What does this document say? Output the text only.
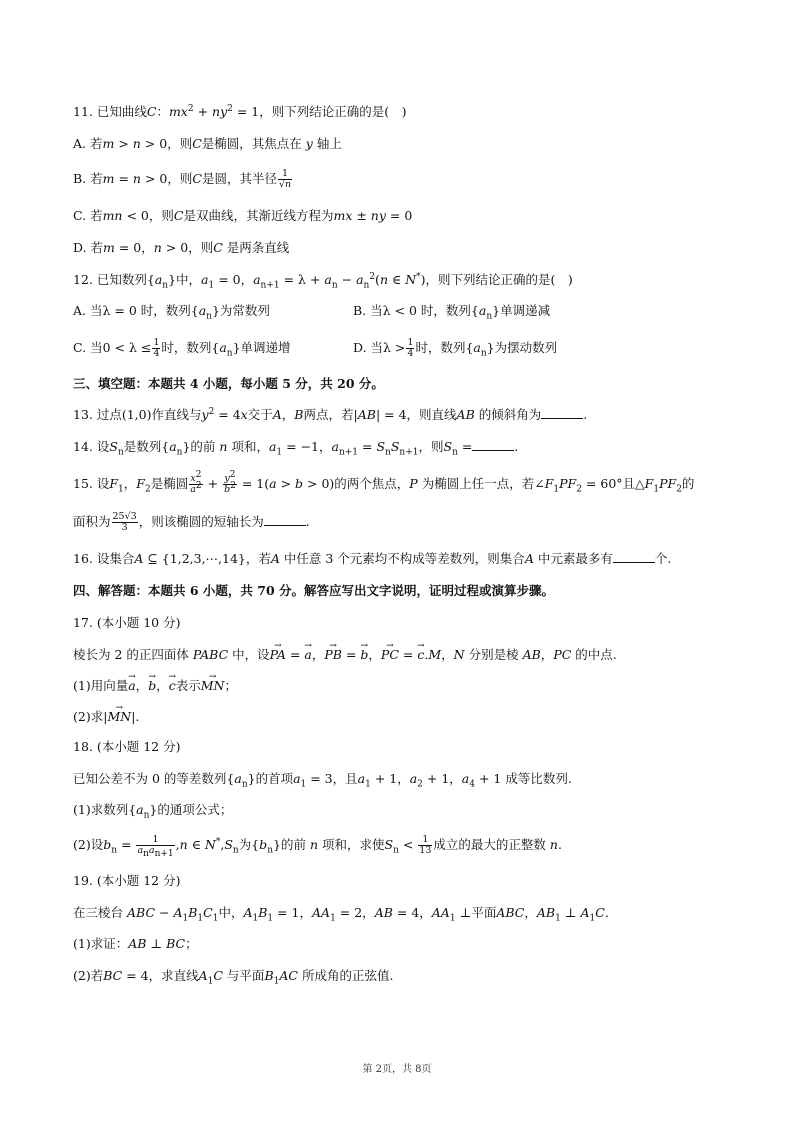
11. 已知曲线C：$mx^2 + ny^2 = 1$，则下列结论正确的是(　)
A. 若m > n > 0，则C是椭圆，其焦点在 y 轴上
B. 若m = n > 0，则C是圆，其半径 $\frac{1}{√n}$
C. 若mn < 0，则C是双曲线，其渐近线方程为mx ± ny = 0
D. 若m = 0，n > 0，则C 是两条直线
12. 已知数列$\{a_n\}$中，$a_1 = 0$，$a_{n+1} = \lambda + a_n - a_n^2(n$ ∈ N*)，则下列结论正确的是(　)
A. 当λ = 0 时，数列$\{a_n\}$为常数列	B. 当λ < 0 时，数列$\{a_n\}$单调递减
C. 当$0 < \lambda \le \frac{1}{4}$ 时，数列$\{a_n\}$单调递增	D. 当$\lambda > \frac{1}{4}$ 时，数列$\{a_n\}$为摆动数列
三、填空题：本题共 4 小题，每小题 5 分，共 20 分。
13. 过点(1,0)作直线与$y^2 = 4x$交于A，B两点，若|AB| = 4，则直线AB 的倾斜角为	.
14. 设$S_n$是数列$\{a_n\}$的前 n 项和，$a_1 = -1$，$a_{n+1} = S_nS_{n+1}$，则$S_n$ =	.
15. 设$F_1$，$F_2$是椭圆 $\frac{x^2}{a^2} + \frac{y^2}{b^2} = 1(a > b > 0)$的两个焦点，P 为椭圆上任一点，若$\angle F_1PF_2 = 60^\circ$且$\triangle F_1PF_2$的
面积为 $\frac{25√3}{3}$ ，则该椭圆的短轴长为	.
16. 设集合A ⊆ {1,2,3,⋯,14}，若A 中任意 3 个元素均不构成等差数列，则集合A 中元素最多有	个.
四、解答题：本题共 6 小题，共 70 分。解答应写出文字说明，证明过程或演算步骤。
17. (本小题 10 分)
棱长为 2 的正四面体 PABC 中，设→ PA = → a，→ PB = → b，→ PC = → c.M，N 分别是棱 AB，PC 的中点.
(1)用向量→ a，→ b，→ c表示→ MN；
(2)求|→ MN|.
18. (本小题 12 分)
已知公差不为 0 的等差数列$\{a_n\}$的首项$a_1 = 3$，且$a_1 + 1$，$a_2 + 1$，$a_4 + 1$ 成等比数列.
(1)求数列$\{a_n\}$的通项公式；
(2)设$b_n = \frac{1}{a_na_{n+1}} ,n$ ∈ $N^*,S_n$为$\{b_n\}$的前 n 项和，求使$S_n < \frac{1}{13}$ 成立的最大的正整数 n.
19. (本小题 12 分)
在三棱台 ABC − $A_1B_1C_1$中，$A_1B_1 = 1$，$AA_1 = 2$，AB = 4，$AA_1$ ⊥平面ABC，$AB_1$ ⊥ $A_1C$.
(1)求证：AB ⊥ BC；
(2)若BC = 4，求直线$A_1C$ 与平面$B_1AC$ 所成角的正弦值.
第 2页，共 8页
